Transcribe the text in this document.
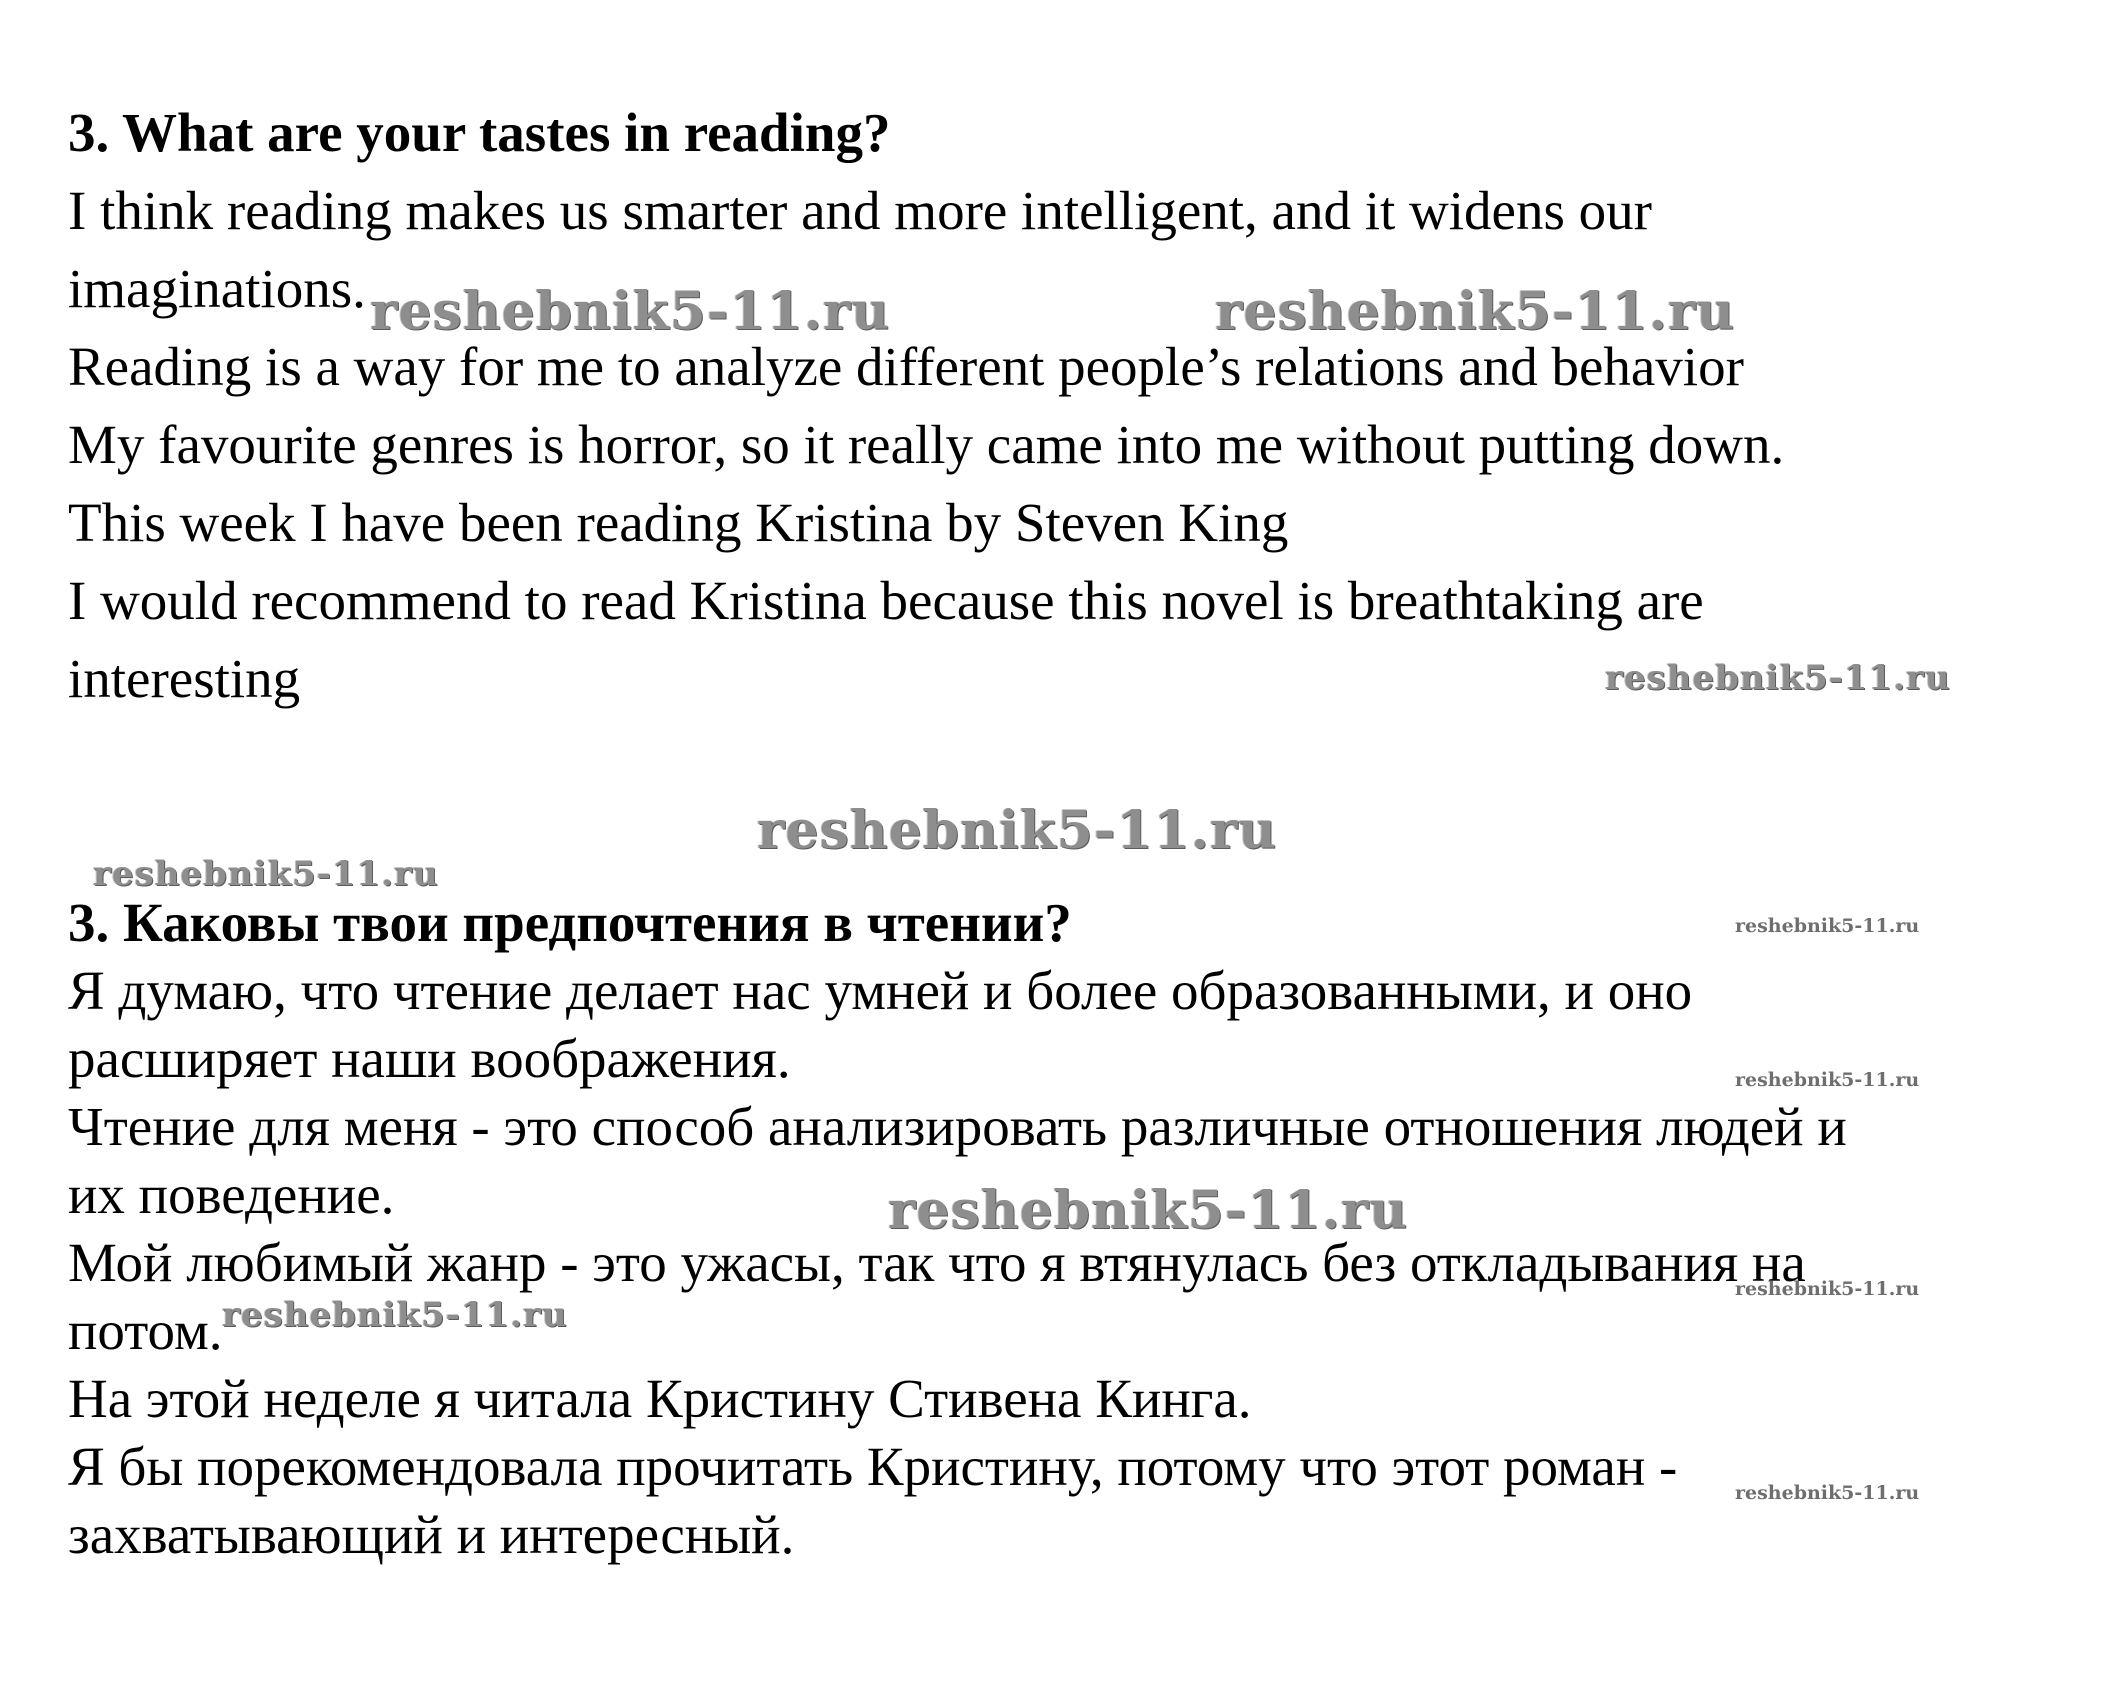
3. What are your tastes in reading?

I think reading makes us smarter and more intelligent, and it widens our

imaginations.

Reading is a way for me to analyze different people’s relations and behavior

My favourite genres is horror, so it really came into me without putting down.

This week I have been reading Kristina by Steven King

I would recommend to read Kristina because this novel is breathtaking are

interesting

3. Каковы твои предпочтения в чтении?

Я думаю, что чтение делает нас умней и более образованными, и оно

расширяет наши воображения.

Чтение для меня - это способ анализировать различные отношения людей и

их поведение.

Мой любимый жанр - это ужасы, так что я втянулась без откладывания на

потом.

На этой неделе я читала Кристину Стивена Кинга.

Я бы порекомендовала прочитать Кристину, потому что этот роман -

захватывающий и интересный.

reshebnik5-11.ru	reshebnik5-11.ru
reshebnik5-11.ru
reshebnik5-11.ru
reshebnik5-11.ru
reshebnik5-11.ru
reshebnik5-11.ru
reshebnik5-11.ru
reshebnik5-11.ru
reshebnik5-11.ru
reshebnik5-11.ru
